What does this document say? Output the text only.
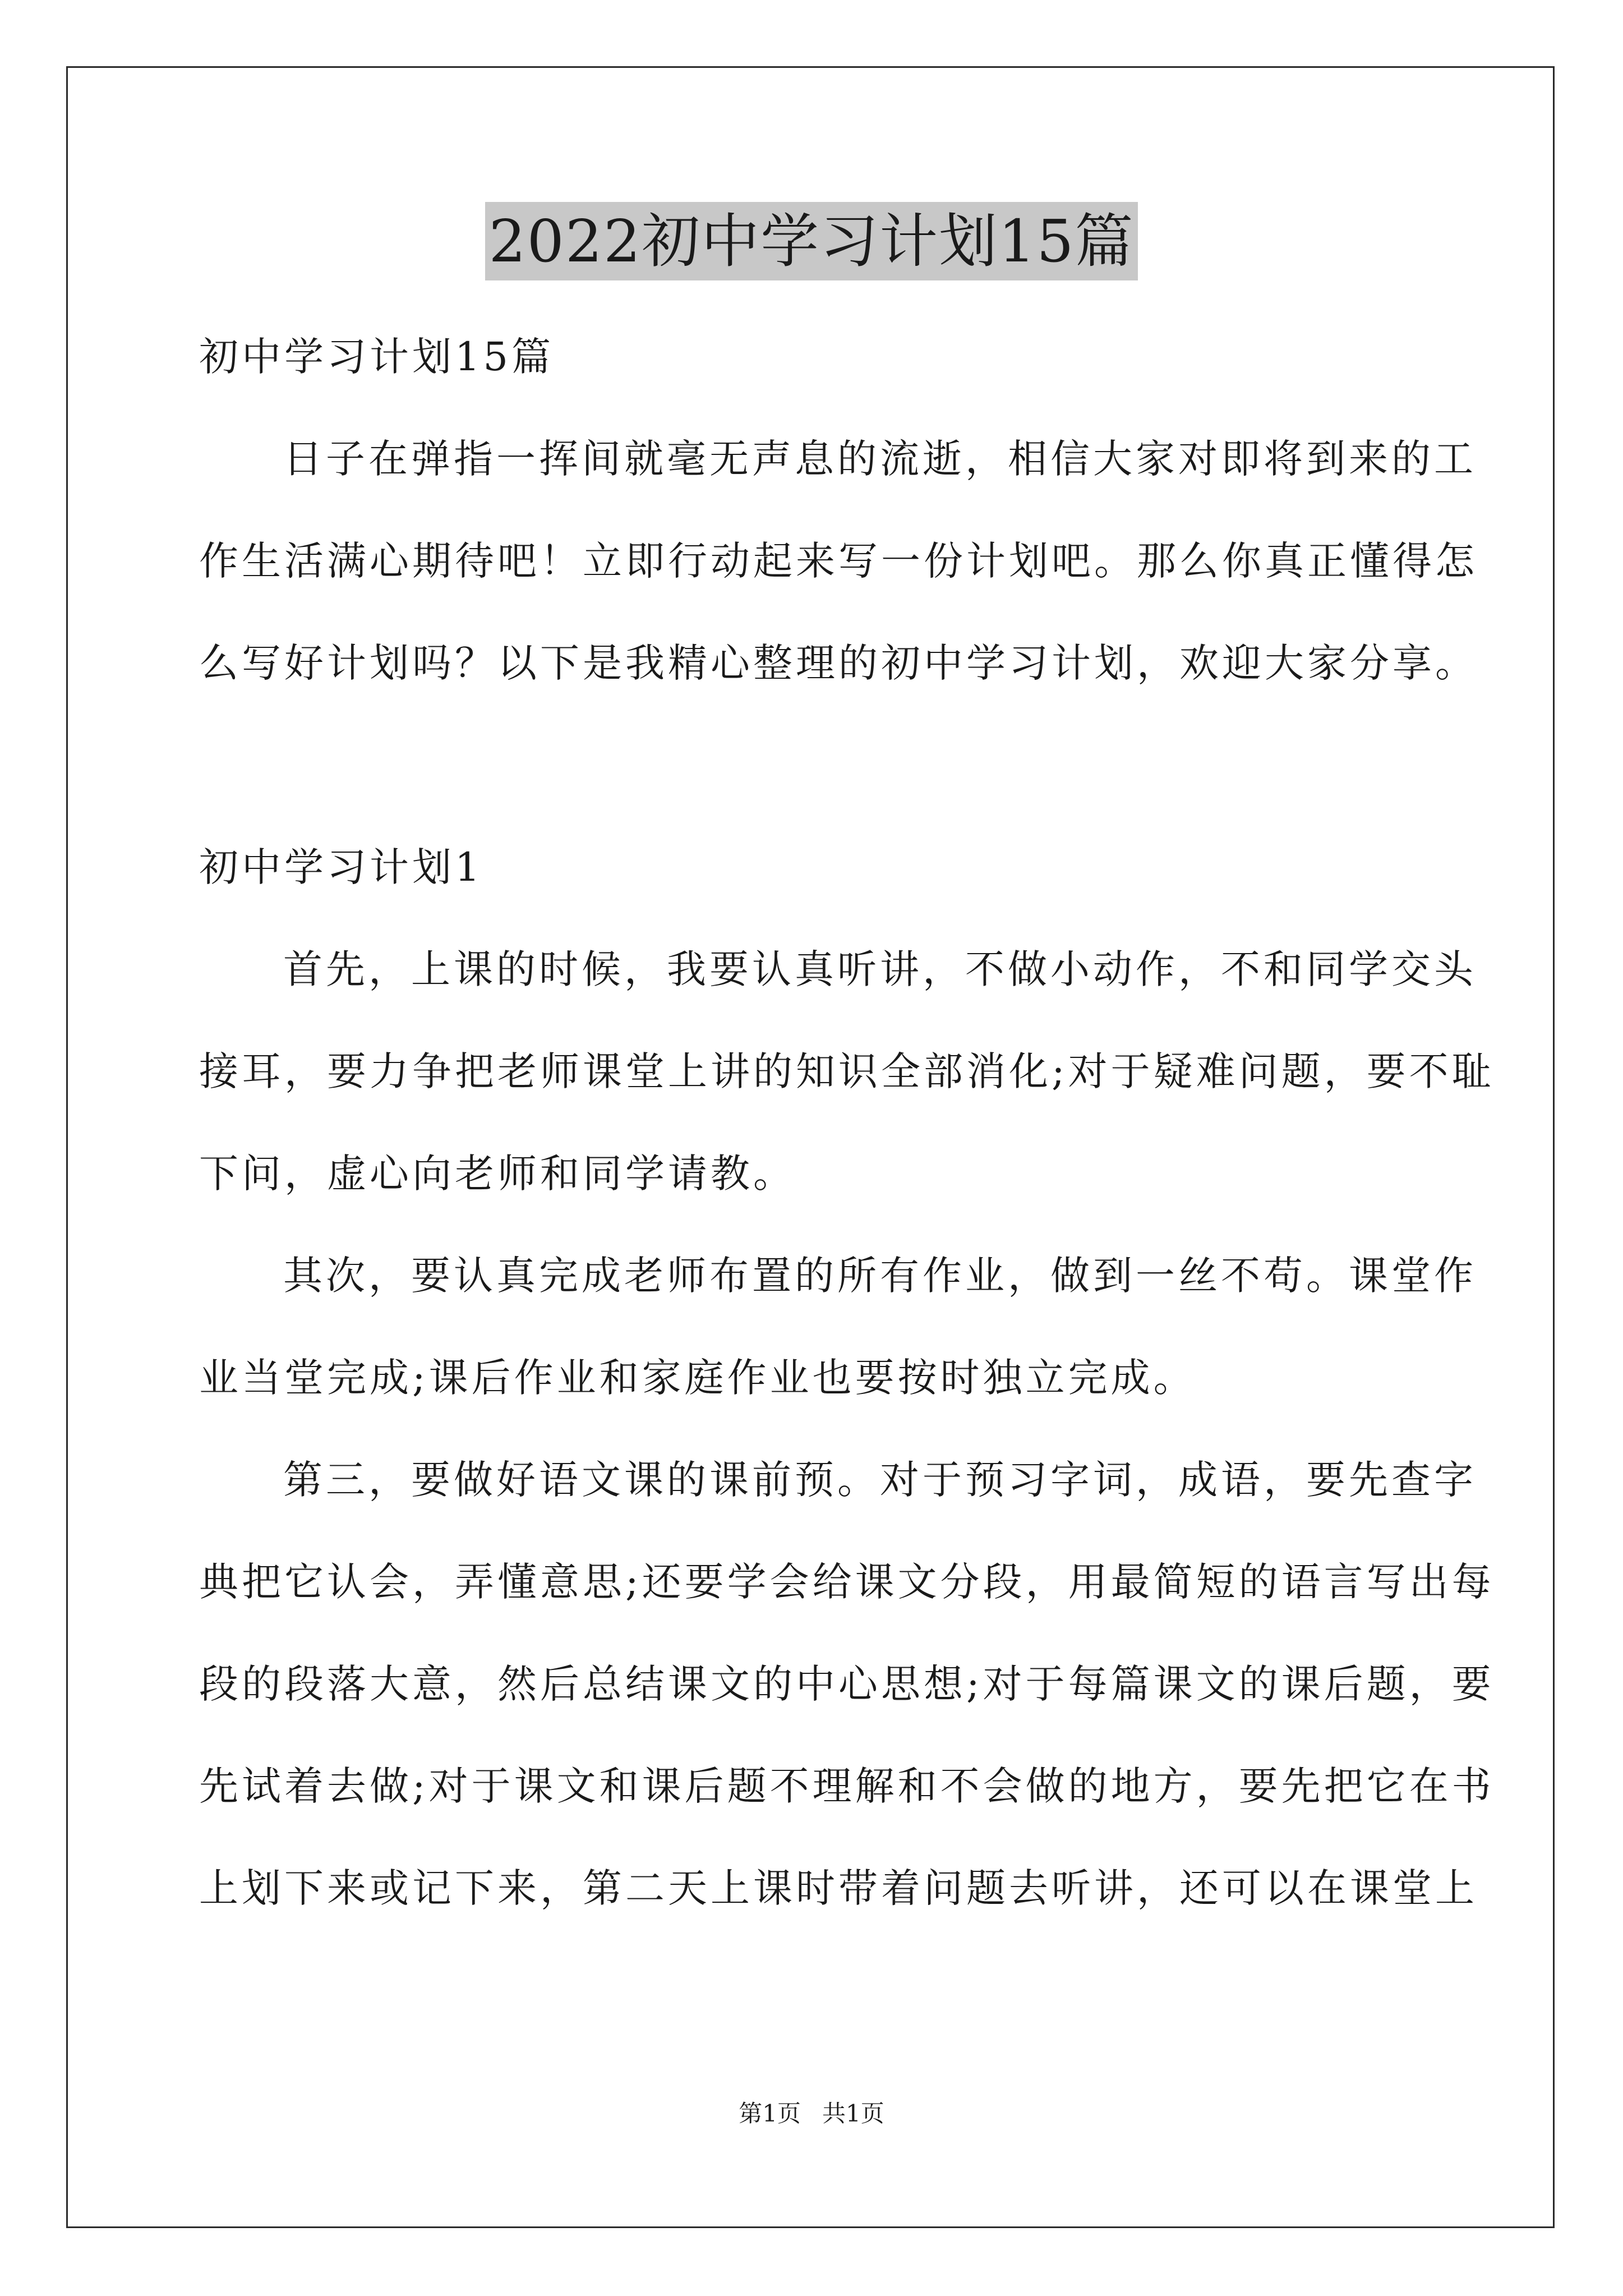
2022初中学习计划15篇
初中学习计划15篇
日子在弹指一挥间就毫无声息的流逝，相信大家对即将到来的工
作生活满心期待吧！立即行动起来写一份计划吧。那么你真正懂得怎
么写好计划吗？以下是我精心整理的初中学习计划，欢迎大家分享。
初中学习计划1
首先，上课的时候，我要认真听讲，不做小动作，不和同学交头
接耳，要力争把老师课堂上讲的知识全部消化;对于疑难问题，要不耻
下问，虚心向老师和同学请教。
其次，要认真完成老师布置的所有作业，做到一丝不苟。课堂作
业当堂完成;课后作业和家庭作业也要按时独立完成。
第三，要做好语文课的课前预。对于预习字词，成语，要先查字
典把它认会，弄懂意思;还要学会给课文分段，用最简短的语言写出每
段的段落大意，然后总结课文的中心思想;对于每篇课文的课后题，要
先试着去做;对于课文和课后题不理解和不会做的地方，要先把它在书
上划下来或记下来，第二天上课时带着问题去听讲，还可以在课堂上
第1页 共1页
